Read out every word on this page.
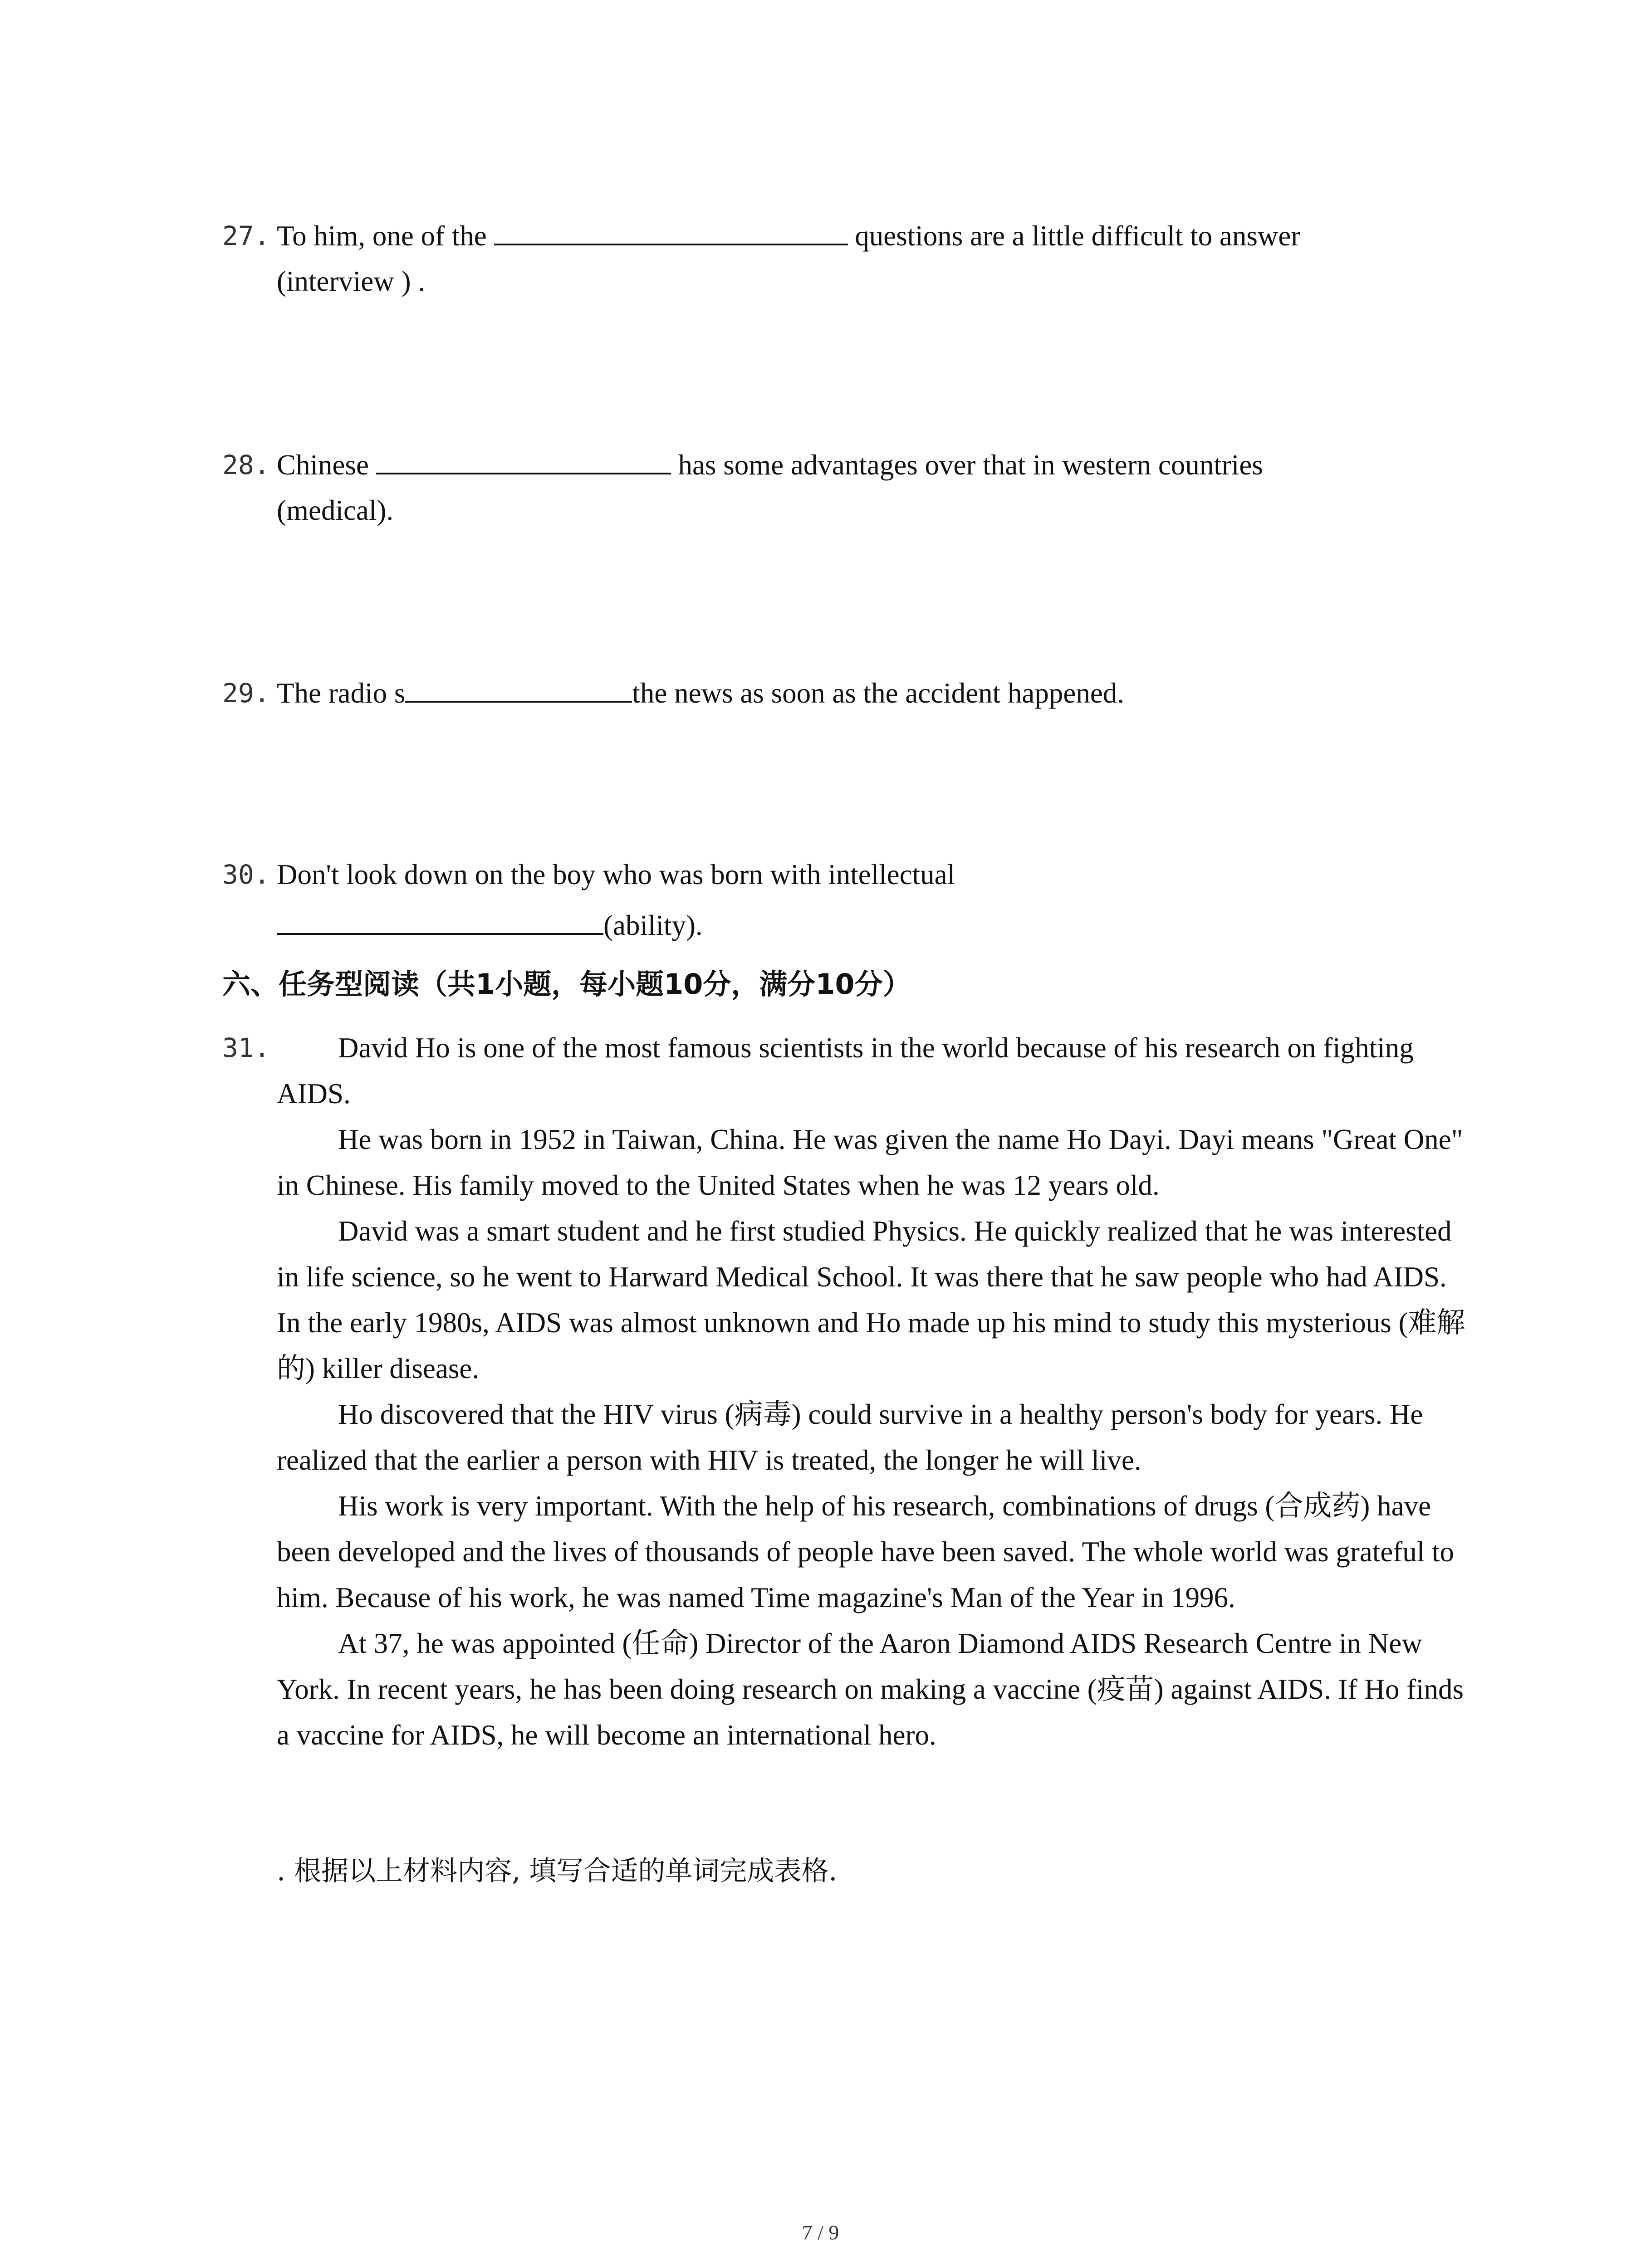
27. To him, one of the	questions are a little difficult to answer
(interview ) .
28. Chinese	has some advantages over that in western countries
(medical).
29. The radio s	the news as soon as the accident happened.
30. Don't look down on the boy who was born with intellectual
(ability).
六、任务型阅读（共1小题，每小题10分，满分10分）
31.	David Ho is one of the most famous scientists in the world because of his research on fighting AIDS.

He was born in 1952 in Taiwan, China. He was given the name Ho Dayi. Dayi means "Great One" in Chinese. His family moved to the United States when he was 12 years old.

David was a smart student and he first studied Physics. He quickly realized that he was interested in life science, so he went to Harward Medical School. It was there that he saw people who had AIDS. In the early 1980s, AIDS was almost unknown and Ho made up his mind to study this mysterious (难解的) killer disease.

Ho discovered that the HIV virus (病毒) could survive in a healthy person's body for years. He realized that the earlier a person with HIV is treated, the longer he will live.

His work is very important. With the help of his research, combinations of drugs (合成药) have been developed and the lives of thousands of people have been saved. The whole world was grateful to him. Because of his work, he was named Time magazine's Man of the Year in 1996.

At 37, he was appointed (任命) Director of the Aaron Diamond AIDS Research Centre in New York. In recent years, he has been doing research on making a vaccine (疫苗) against AIDS. If Ho finds a vaccine for AIDS, he will become an international hero.

. 根据以上材料内容, 填写合适的单词完成表格.
7 / 9
